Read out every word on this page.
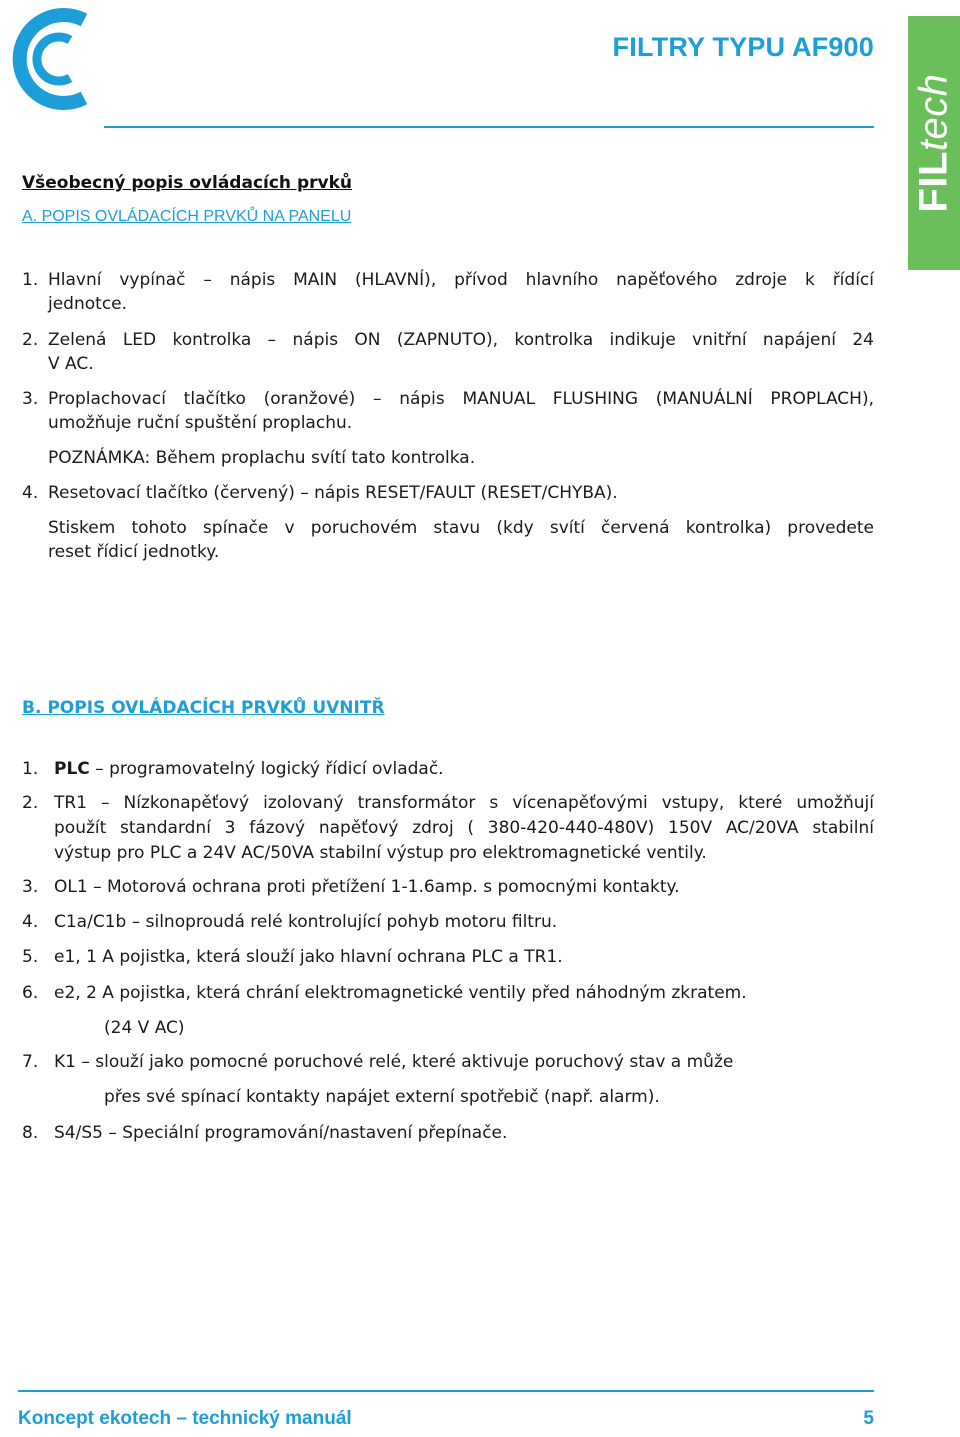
FILTRY TYPU AF900
FILtech
Všeobecný popis ovládacích prvků
A. POPIS OVLÁDACÍCH PRVKŮ NA PANELU
1. Hlavní vypínač – nápis MAIN (HLAVNÍ), přívod hlavního napěťového zdroje k řídící
jednotce.
2. Zelená LED kontrolka – nápis ON (ZAPNUTO), kontrolka indikuje vnitřní napájení 24
V AC.
3. Proplachovací tlačítko (oranžové) – nápis MANUAL FLUSHING (MANUÁLNÍ PROPLACH),
umožňuje ruční spuštění proplachu.
POZNÁMKA: Během proplachu svítí tato kontrolka.
4. Resetovací tlačítko (červený) – nápis RESET/FAULT (RESET/CHYBA).
Stiskem tohoto spínače v poruchovém stavu (kdy svítí červená kontrolka) provedete
reset řídicí jednotky.
B. POPIS OVLÁDACÍCH PRVKŮ UVNITŘ
1. PLC – programovatelný logický řídicí ovladač.
2. TR1 – Nízkonapěťový izolovaný transformátor s vícenapěťovými vstupy, které umožňují
použít standardní 3 fázový napěťový zdroj ( 380-420-440-480V) 150V AC/20VA stabilní
výstup pro PLC a 24V AC/50VA stabilní výstup pro elektromagnetické ventily.
3. OL1 – Motorová ochrana proti přetížení 1-1.6amp. s pomocnými kontakty.
4. C1a/C1b – silnoproudá relé kontrolující pohyb motoru filtru.
5. e1, 1 A pojistka, která slouží jako hlavní ochrana PLC a TR1.
6. e2, 2 A pojistka, která chrání elektromagnetické ventily před náhodným zkratem.
(24 V AC)
7. K1 – slouží jako pomocné poruchové relé, které aktivuje poruchový stav a může
přes své spínací kontakty napájet externí spotřebič (např. alarm).
8. S4/S5 – Speciální programování/nastavení přepínače.
Koncept ekotech – technický manuál	5
